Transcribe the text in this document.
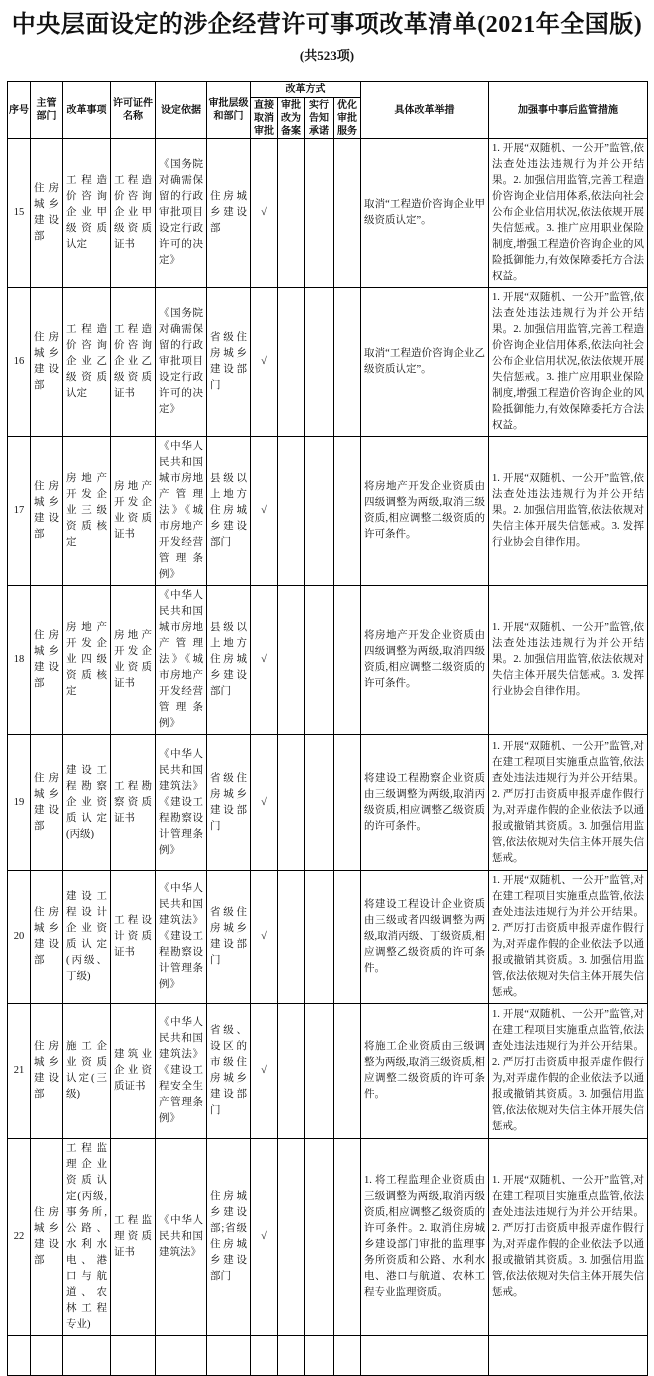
中央层面设定的涉企经营许可事项改革清单(2021年全国版)
(共523项)
序号	主管部门	改革事项	许可证件名称	设定依据	审批层级和部门	改革方式				具体改革举措	加强事中事后监管措施
						直接取消审批	审批改为备案	实行告知承诺	优化审批服务		
15	住房城乡建设部	工程造价咨询企业甲级资质认定	工程造价咨询企业甲级资质证书	《国务院对确需保留的行政审批项目设定行政许可的决定》	住房城乡建设部	√				取消“工程造价咨询企业甲级资质认定”。	1. 开展“双随机、一公开”监管,依法查处违法违规行为并公开结果。2. 加强信用监管,完善工程造价咨询企业信用体系,依法向社会公布企业信用状况,依法依规开展失信惩戒。3. 推广应用职业保险制度,增强工程造价咨询企业的风险抵御能力,有效保障委托方合法权益。
16	住房城乡建设部	工程造价咨询企业乙级资质认定	工程造价咨询企业乙级资质证书	《国务院对确需保留的行政审批项目设定行政许可的决定》	省级住房城乡建设部门	√				取消“工程造价咨询企业乙级资质认定”。	1. 开展“双随机、一公开”监管,依法查处违法违规行为并公开结果。2. 加强信用监管,完善工程造价咨询企业信用体系,依法向社会公布企业信用状况,依法依规开展失信惩戒。3. 推广应用职业保险制度,增强工程造价咨询企业的风险抵御能力,有效保障委托方合法权益。
17	住房城乡建设部	房地产开发企业三级资质核定	房地产开发企业资质证书	《中华人民共和国城市房地产管理法》《城市房地产开发经营管理条例》	县级以上地方住房城乡建设部门	√				将房地产开发企业资质由四级调整为两级,取消三级资质,相应调整二级资质的许可条件。	1. 开展“双随机、一公开”监管,依法查处违法违规行为并公开结果。2. 加强信用监管,依法依规对失信主体开展失信惩戒。3. 发挥行业协会自律作用。
18	住房城乡建设部	房地产开发企业四级资质核定	房地产开发企业资质证书	《中华人民共和国城市房地产管理法》《城市房地产开发经营管理条例》	县级以上地方住房城乡建设部门	√				将房地产开发企业资质由四级调整为两级,取消四级资质,相应调整二级资质的许可条件。	1. 开展“双随机、一公开”监管,依法查处违法违规行为并公开结果。2. 加强信用监管,依法依规对失信主体开展失信惩戒。3. 发挥行业协会自律作用。
19	住房城乡建设部	建设工程勘察企业资质认定(丙级)	工程勘察资质证书	《中华人民共和国建筑法》《建设工程勘察设计管理条例》	省级住房城乡建设部门	√				将建设工程勘察企业资质由三级调整为两级,取消丙级资质,相应调整乙级资质的许可条件。	1. 开展“双随机、一公开”监管,对在建工程项目实施重点监管,依法查处违法违规行为并公开结果。2. 严厉打击资质申报弄虚作假行为,对弄虚作假的企业依法予以通报或撤销其资质。3. 加强信用监管,依法依规对失信主体开展失信惩戒。
20	住房城乡建设部	建设工程设计企业资质认定(丙级、丁级)	工程设计资质证书	《中华人民共和国建筑法》《建设工程勘察设计管理条例》	省级住房城乡建设部门	√				将建设工程设计企业资质由三级或者四级调整为两级,取消丙级、丁级资质,相应调整乙级资质的许可条件。	1. 开展“双随机、一公开”监管,对在建工程项目实施重点监管,依法查处违法违规行为并公开结果。2. 严厉打击资质申报弄虚作假行为,对弄虚作假的企业依法予以通报或撤销其资质。3. 加强信用监管,依法依规对失信主体开展失信惩戒。
21	住房城乡建设部	施工企业资质认定(三级)	建筑业企业资质证书	《中华人民共和国建筑法》《建设工程安全生产管理条例》	省级、设区的市级住房城乡建设部门	√				将施工企业资质由三级调整为两级,取消三级资质,相应调整二级资质的许可条件。	1. 开展“双随机、一公开”监管,对在建工程项目实施重点监管,依法查处违法违规行为并公开结果。2. 严厉打击资质申报弄虚作假行为,对弄虚作假的企业依法予以通报或撤销其资质。3. 加强信用监管,依法依规对失信主体开展失信惩戒。
22	住房城乡建设部	工程监理企业资质认定(丙级,事务所,公路、水利水电、港口与航道、农林工程专业)	工程监理资质证书	《中华人民共和国建筑法》	住房城乡建设部;省级住房城乡建设部门	√				1. 将工程监理企业资质由三级调整为两级,取消丙级资质,相应调整乙级资质的许可条件。2. 取消住房城乡建设部门审批的监理事务所资质和公路、水利水电、港口与航道、农林工程专业监理资质。	1. 开展“双随机、一公开”监管,对在建工程项目实施重点监管,依法查处违法违规行为并公开结果。2. 严厉打击资质申报弄虚作假行为,对弄虚作假的企业依法予以通报或撤销其资质。3. 加强信用监管,依法依规对失信主体开展失信惩戒。
